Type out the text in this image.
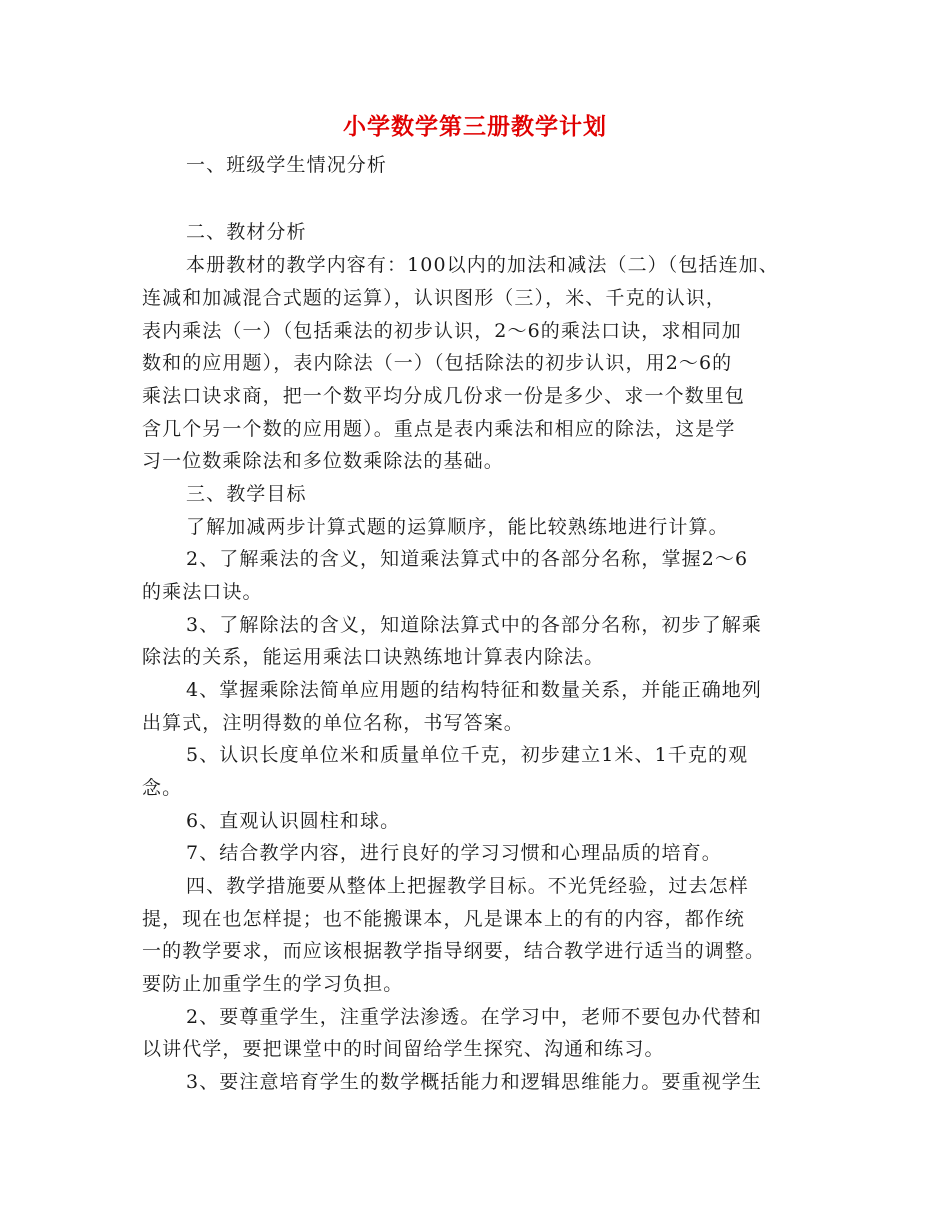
小学数学第三册教学计划

一、班级学生情况分析

二、教材分析

本册教材的教学内容有：100以内的加法和减法（二）（包括连加、

连减和加减混合式题的运算），认识图形（三），米、千克的认识，

表内乘法（一）（包括乘法的初步认识，2～6的乘法口诀，求相同加

数和的应用题），表内除法（一）（包括除法的初步认识，用2～6的

乘法口诀求商，把一个数平均分成几份求一份是多少、求一个数里包

含几个另一个数的应用题）。重点是表内乘法和相应的除法，这是学

习一位数乘除法和多位数乘除法的基础。

三、教学目标

了解加减两步计算式题的运算顺序，能比较熟练地进行计算。

2、了解乘法的含义，知道乘法算式中的各部分名称，掌握2～6

的乘法口诀。

3、了解除法的含义，知道除法算式中的各部分名称，初步了解乘

除法的关系，能运用乘法口诀熟练地计算表内除法。

4、掌握乘除法简单应用题的结构特征和数量关系，并能正确地列

出算式，注明得数的单位名称，书写答案。

5、认识长度单位米和质量单位千克，初步建立1米、1千克的观

念。

6、直观认识圆柱和球。

7、结合教学内容，进行良好的学习习惯和心理品质的培育。

四、教学措施要从整体上把握教学目标。不光凭经验，过去怎样

提，现在也怎样提；也不能搬课本，凡是课本上的有的内容，都作统

一的教学要求，而应该根据教学指导纲要，结合教学进行适当的调整。

要防止加重学生的学习负担。

2、要尊重学生，注重学法渗透。在学习中，老师不要包办代替和

以讲代学，要把课堂中的时间留给学生探究、沟通和练习。

3、要注意培育学生的数学概括能力和逻辑思维能力。要重视学生
